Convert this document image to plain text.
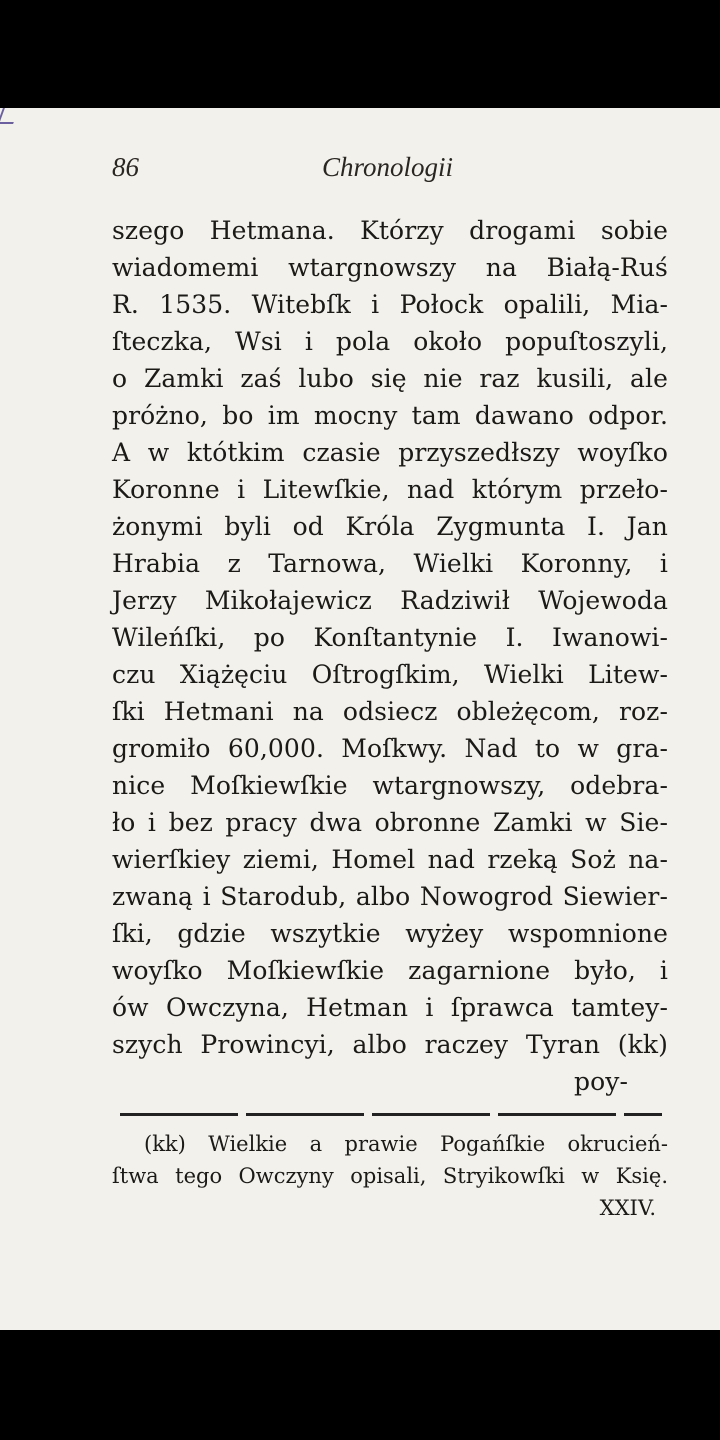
86	Chronologii
szego Hetmana. Którzy drogami sobie
wiadomemi wtargnowszy na Białą-Ruś
R. 1535. Witebſk i Połock opalili, Mia-
ſteczka, Wsi i pola około popuſtoszyli,
o Zamki zaś lubo się nie raz kusili, ale
próżno, bo im mocny tam dawano odpor.
A w któtkim czasie przyszedłszy woyſko
Koronne i Litewſkie, nad którym przeło-
żonymi byli od Króla Zygmunta I. Jan
Hrabia z Tarnowa, Wielki Koronny, i
Jerzy Mikołajewicz Radziwił Wojewoda
Wileńſki, po Konſtantynie I. Iwanowi-
czu Xiążęciu Oſtrogſkim, Wielki Litew-
ſki Hetmani na odsiecz obleżęcom, roz-
gromiło 60,000. Moſkwy. Nad to w gra-
nice Moſkiewſkie wtargnowszy, odebra-
ło i bez pracy dwa obronne Zamki w Sie-
wierſkiey ziemi, Homel nad rzeką Soż na-
zwaną i Starodub, albo Nowogrod Siewier-
ſki, gdzie wszytkie wyżey wspomnione
woyſko Moſkiewſkie zagarnione było, i
ów Owczyna, Hetman i ſprawca tamtey-
szych Prowincyi, albo raczey Tyran (kk)
poy-
(kk) Wielkie a prawie Pogańſkie okrucień-
ſtwa tego Owczyny opisali, Stryikowſki w Księ.
XXIV.
